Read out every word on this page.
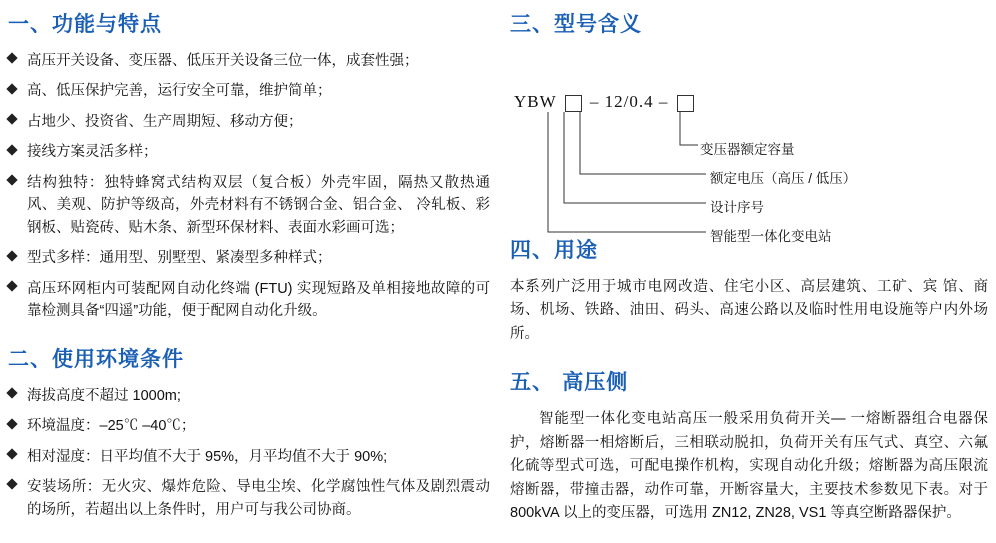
一、功能与特点
高压开关设备、变压器、低压开关设备三位一体，成套性强；
高、低压保护完善，运行安全可靠，维护简单；
占地少、投资省、生产周期短、移动方便；
接线方案灵活多样；
结构独特：独特蜂窝式结构双层（复合板）外壳牢固，隔热又散热通风、美观、防护等级高，外壳材料有不锈钢合金、铝合金、 冷轧板、彩钢板、贴瓷砖、贴木条、新型环保材料、表面水彩画可选；
型式多样：通用型、别墅型、紧凑型多种样式；
高压环网柜内可装配网自动化终端 (FTU) 实现短路及单相接地故障的可靠检测具备“四遥”功能，便于配网自动化升级。
二、使用环境条件
海拔高度不超过 1000m;
环境温度：–25℃ –40℃；
相对湿度：日平均值不大于 95%，月平均值不大于 90%;
安装场所：无火灾、爆炸危险、导电尘埃、化学腐蚀性气体及剧烈震动的场所，若超出以上条件时，用户可与我公司协商。
三、型号含义
YBW – 12/0.4 –
变压器额定容量
额定电压（高压 / 低压）
设计序号
智能型一体化变电站
四、用途

本系列广泛用于城市电网改造、住宅小区、高层建筑、工矿、宾 馆、商场、机场、铁路、油田、码头、高速公路以及临时性用电设施等户内外场所。

五、 高压侧

智能型一体化变电站高压一般采用负荷开关— 一熔断器组合电器保护，熔断器一相熔断后，三相联动脱扣，负荷开关有压气式、真空、六氟化硫等型式可选，可配电操作机构，实现自动化升级；熔断器为高压限流熔断器，带撞击器，动作可靠，开断容量大，主要技术参数见下表。对于 800kVA 以上的变压器，可选用 ZN12, ZN28, VS1 等真空断路器保护。
